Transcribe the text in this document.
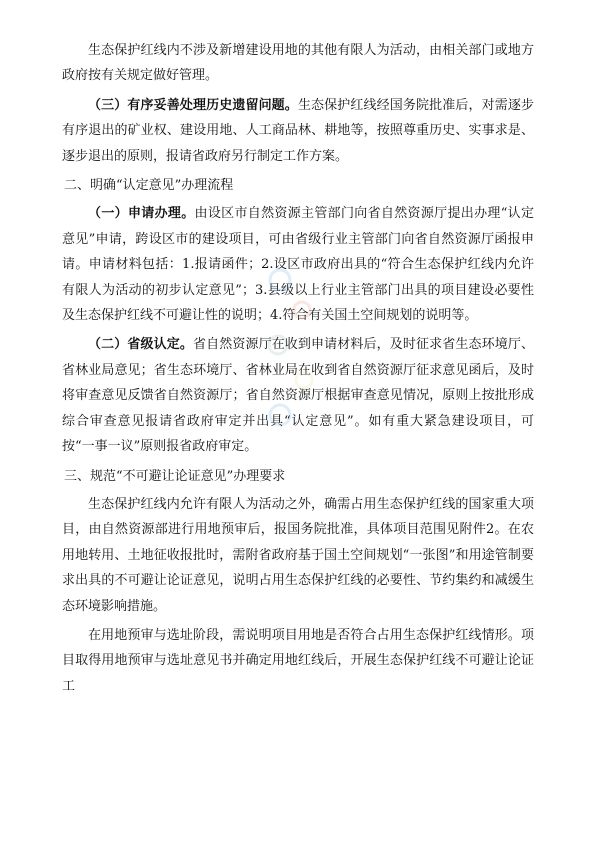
生态保护红线内不涉及新增建设用地的其他有限人为活动，由相关部门或地方政府按有关规定做好管理。

（三）有序妥善处理历史遗留问题。生态保护红线经国务院批准后，对需逐步有序退出的矿业权、建设用地、人工商品林、耕地等，按照尊重历史、实事求是、逐步退出的原则，报请省政府另行制定工作方案。

二、明确“认定意见”办理流程

（一）申请办理。由设区市自然资源主管部门向省自然资源厅提出办理“认定意见”申请，跨设区市的建设项目，可由省级行业主管部门向省自然资源厅函报申请。申请材料包括：1.报请函件；2.设区市政府出具的“符合生态保护红线内允许有限人为活动的初步认定意见”；3.县级以上行业主管部门出具的项目建设必要性及生态保护红线不可避让性的说明；4.符合有关国土空间规划的说明等。

（二）省级认定。省自然资源厅在收到申请材料后，及时征求省生态环境厅、省林业局意见；省生态环境厅、省林业局在收到省自然资源厅征求意见函后，及时将审查意见反馈省自然资源厅；省自然资源厅根据审查意见情况，原则上按批形成综合审查意见报请省政府审定并出具“认定意见”。如有重大紧急建设项目，可按“一事一议”原则报省政府审定。

三、规范“不可避让论证意见”办理要求

生态保护红线内允许有限人为活动之外，确需占用生态保护红线的国家重大项目，由自然资源部进行用地预审后，报国务院批准，具体项目范围见附件2。在农用地转用、土地征收报批时，需附省政府基于国土空间规划“一张图”和用途管制要求出具的不可避让论证意见，说明占用生态保护红线的必要性、节约集约和减缓生态环境影响措施。

在用地预审与选址阶段，需说明项目用地是否符合占用生态保护红线情形。项目取得用地预审与选址意见书并确定用地红线后，开展生态保护红线不可避让论证工
